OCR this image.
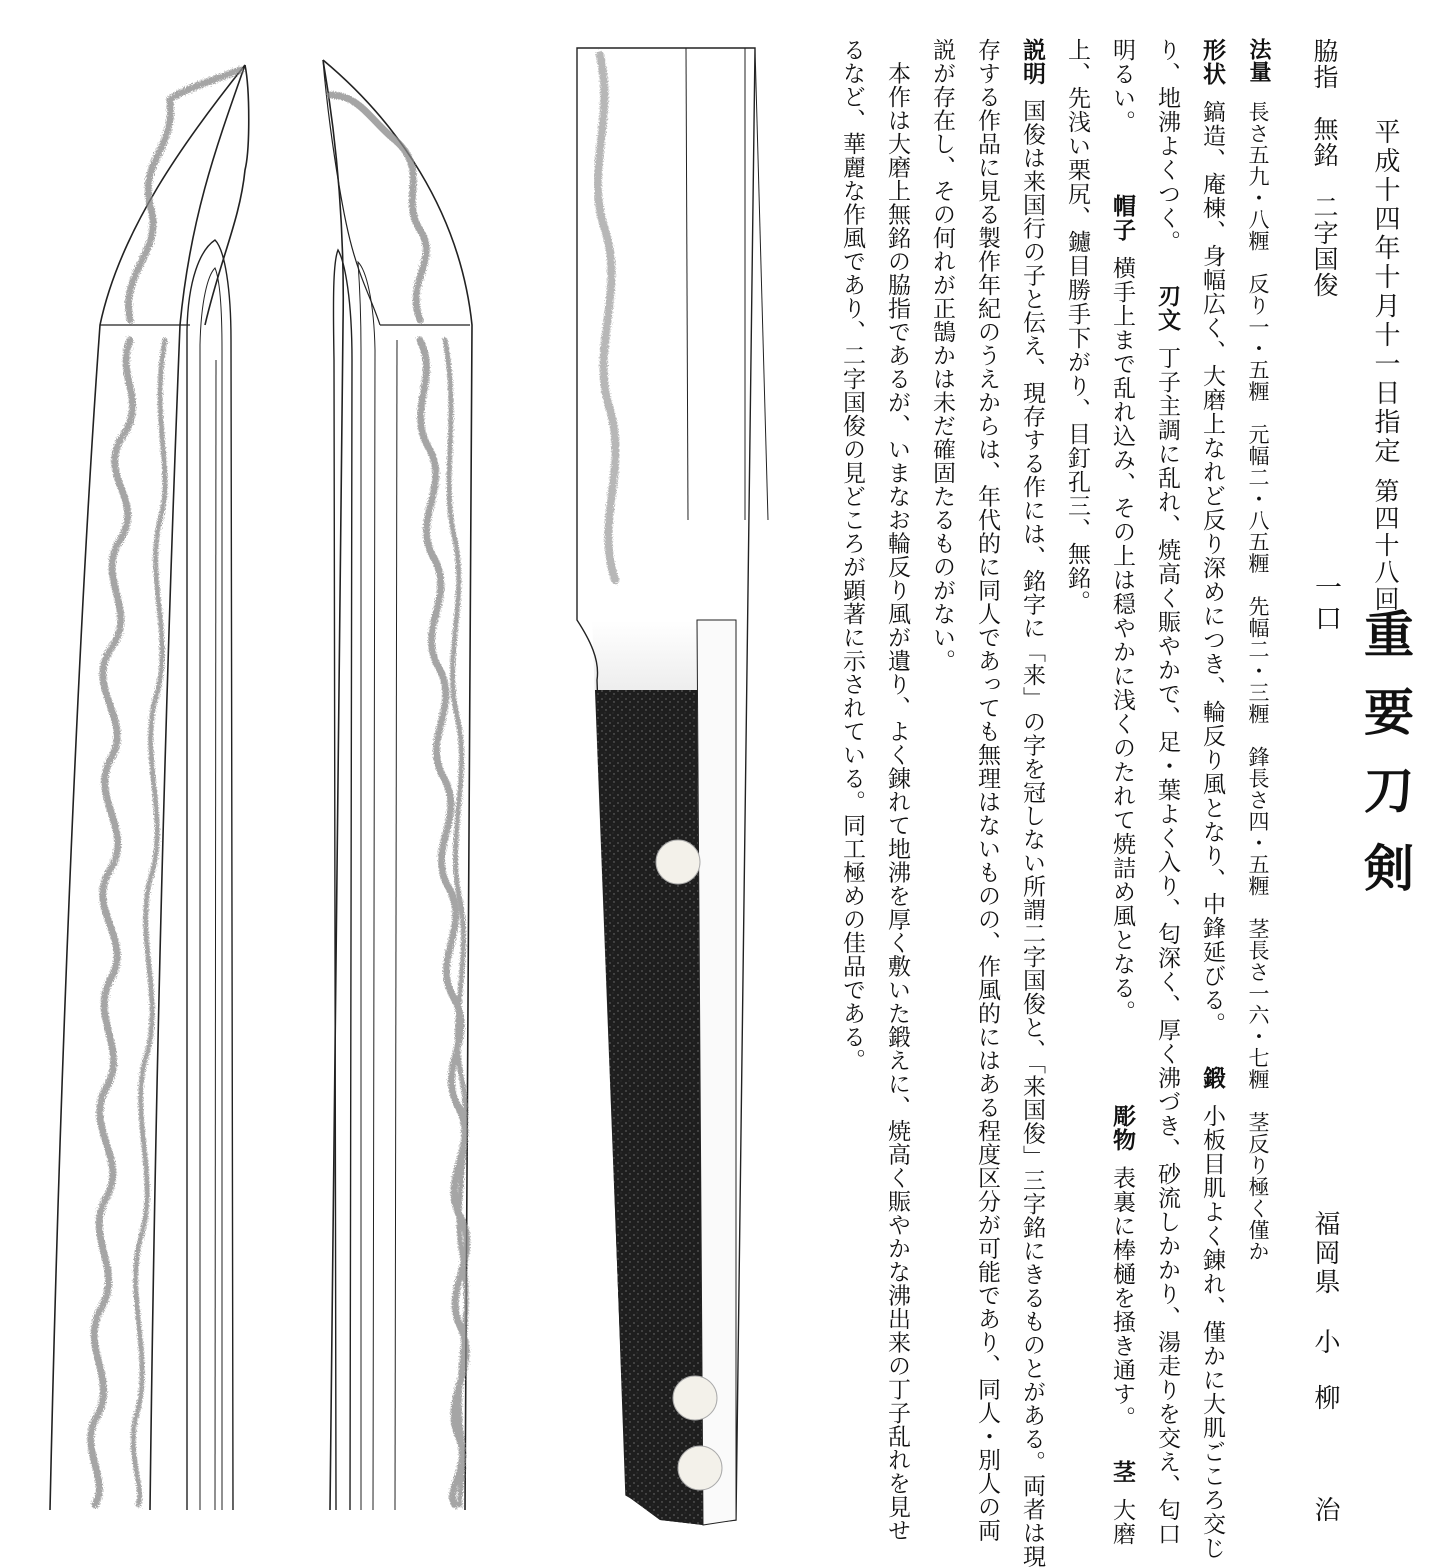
平成十四年十月十一日指定
第四十八回
重要刀剣
一口
福岡県
小柳　治
脇指　無銘　二字国俊
法量長さ五九・八糎　反り一・五糎　元幅二・八五糎　先幅二・三糎　鋒長さ四・五糎　茎長さ一六・七糎　茎反り極く僅か
形状鎬造、庵棟、身幅広く、大磨上なれど反り深めにつき、輪反り風となり、中鋒延びる。鍛小板目肌よく錬れ、僅かに大肌ごころ交じ
り、地沸よくつく。刃文丁子主調に乱れ、焼高く賑やかで、足・葉よく入り、匂深く、厚く沸づき、砂流しかかり、湯走りを交え、匂口
明るい。帽子横手上まで乱れ込み、その上は穏やかに浅くのたれて焼詰め風となる。彫物表裏に棒樋を掻き通す。茎大磨
上、先浅い栗尻、鑢目勝手下がり、目釘孔三、無銘。
説明国俊は来国行の子と伝え、現存する作には、銘字に「来」の字を冠しない所謂二字国俊と、「来国俊」三字銘にきるものとがある。両者は現
存する作品に見る製作年紀のうえからは、年代的に同人であっても無理はないものの、作風的にはある程度区分が可能であり、同人・別人の両
説が存在し、その何れが正鵠かは未だ確固たるものがない。
　本作は大磨上無銘の脇指であるが、いまなお輪反り風が遺り、よく錬れて地沸を厚く敷いた鍛えに、焼高く賑やかな沸出来の丁子乱れを見せ
るなど、華麗な作風であり、二字国俊の見どころが顕著に示されている。同工極めの佳品である。
